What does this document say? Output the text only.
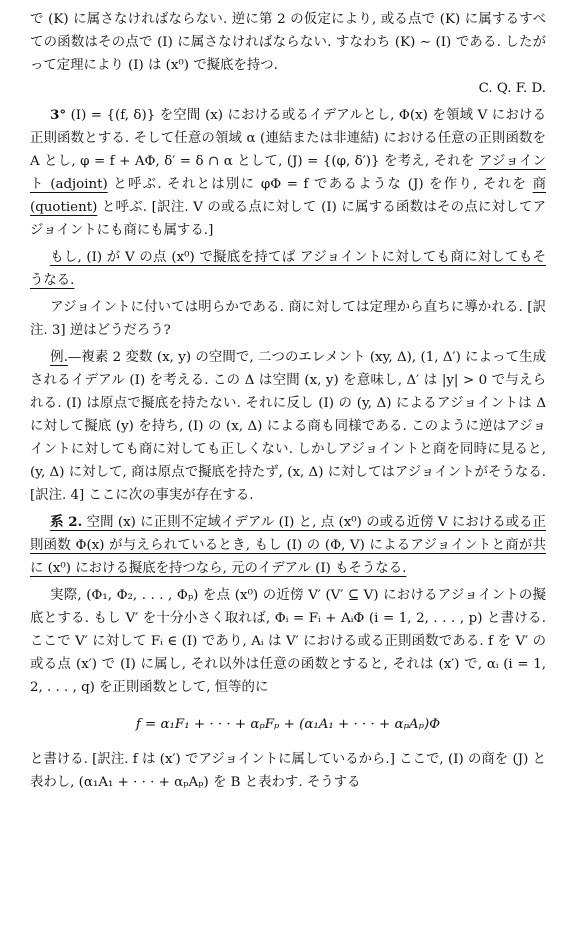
で (K) に属さなければならない. 逆に第 2 の仮定により, 或る点で (K) に属するすべての函数はその点で (I) に属さなければならない. すなわち (K) ∼ (I) である. したがって定理により (I) は (x⁰) で擬底を持つ.

C. Q. F. D.

3° (I) = {(f, δ)} を空間 (x) における或るイデアルとし, Φ(x) を領域 V における正則函数とする. そして任意の領域 α (連結または非連結) における任意の正則函数を A とし, φ = f + AΦ, δ′ = δ ∩ α として, (J) = {(φ, δ′)} を考え, それを アジョイント (adjoint) と呼ぶ. それとは別に φΦ = f であるような (J) を作り, それを 商 (quotient) と呼ぶ. [訳注. V の或る点に対して (I) に属する函数はその点に対してアジョイントにも商にも属する.]

もし, (I) が V の点 (x⁰) で擬底を持てば アジョイントに対しても商に対してもそうなる.

アジョイントに付いては明らかである. 商に対しては定理から直ちに導かれる. [訳注. 3] 逆はどうだろう?

例.—複素 2 変数 (x, y) の空間で, 二つのエレメント (xy, Δ), (1, Δ′) によって生成されるイデアル (I) を考える. この Δ は空間 (x, y) を意味し, Δ′ は |y| > 0 で与えられる. (I) は原点で擬底を持たない. それに反し (I) の (y, Δ) によるアジョイントは Δ に対して擬底 (y) を持ち, (I) の (x, Δ) による商も同様である. このように逆はアジョイントに対しても商に対しても正しくない. しかしアジョイントと商を同時に見ると, (y, Δ) に対して, 商は原点で擬底を持たず, (x, Δ) に対してはアジョイントがそうなる. [訳注. 4] ここに次の事実が存在する.

系 2. 空間 (x) に正則不定域イデアル (I) と, 点 (x⁰) の或る近傍 V における或る正則函数 Φ(x) が与えられているとき, もし (I) の (Φ, V) によるアジョイントと商が共に (x⁰) における擬底を持つなら, 元のイデアル (I) もそうなる.

実際, (Φ₁, Φ₂, . . . , Φₚ) を点 (x⁰) の近傍 V′ (V′ ⊆ V) におけるアジョイントの擬底とする. もし V′ を十分小さく取れば, Φᵢ = Fᵢ + AᵢΦ (i = 1, 2, . . . , p) と書ける. ここで V′ に対して Fᵢ ∈ (I) であり, Aᵢ は V′ における或る正則函数である. f を V′ の或る点 (x′) で (I) に属し, それ以外は任意の函数とすると, それは (x′) で, αᵢ (i = 1, 2, . . . , q) を正則函数として, 恒等的に

f = α₁F₁ + · · · + αₚFₚ + (α₁A₁ + · · · + αₚAₚ)Φ

と書ける. [訳注. f は (x′) でアジョイントに属しているから.] ここで, (I) の商を (J) と表わし, (α₁A₁ + · · · + αₚAₚ) を B と表わす. そうする
